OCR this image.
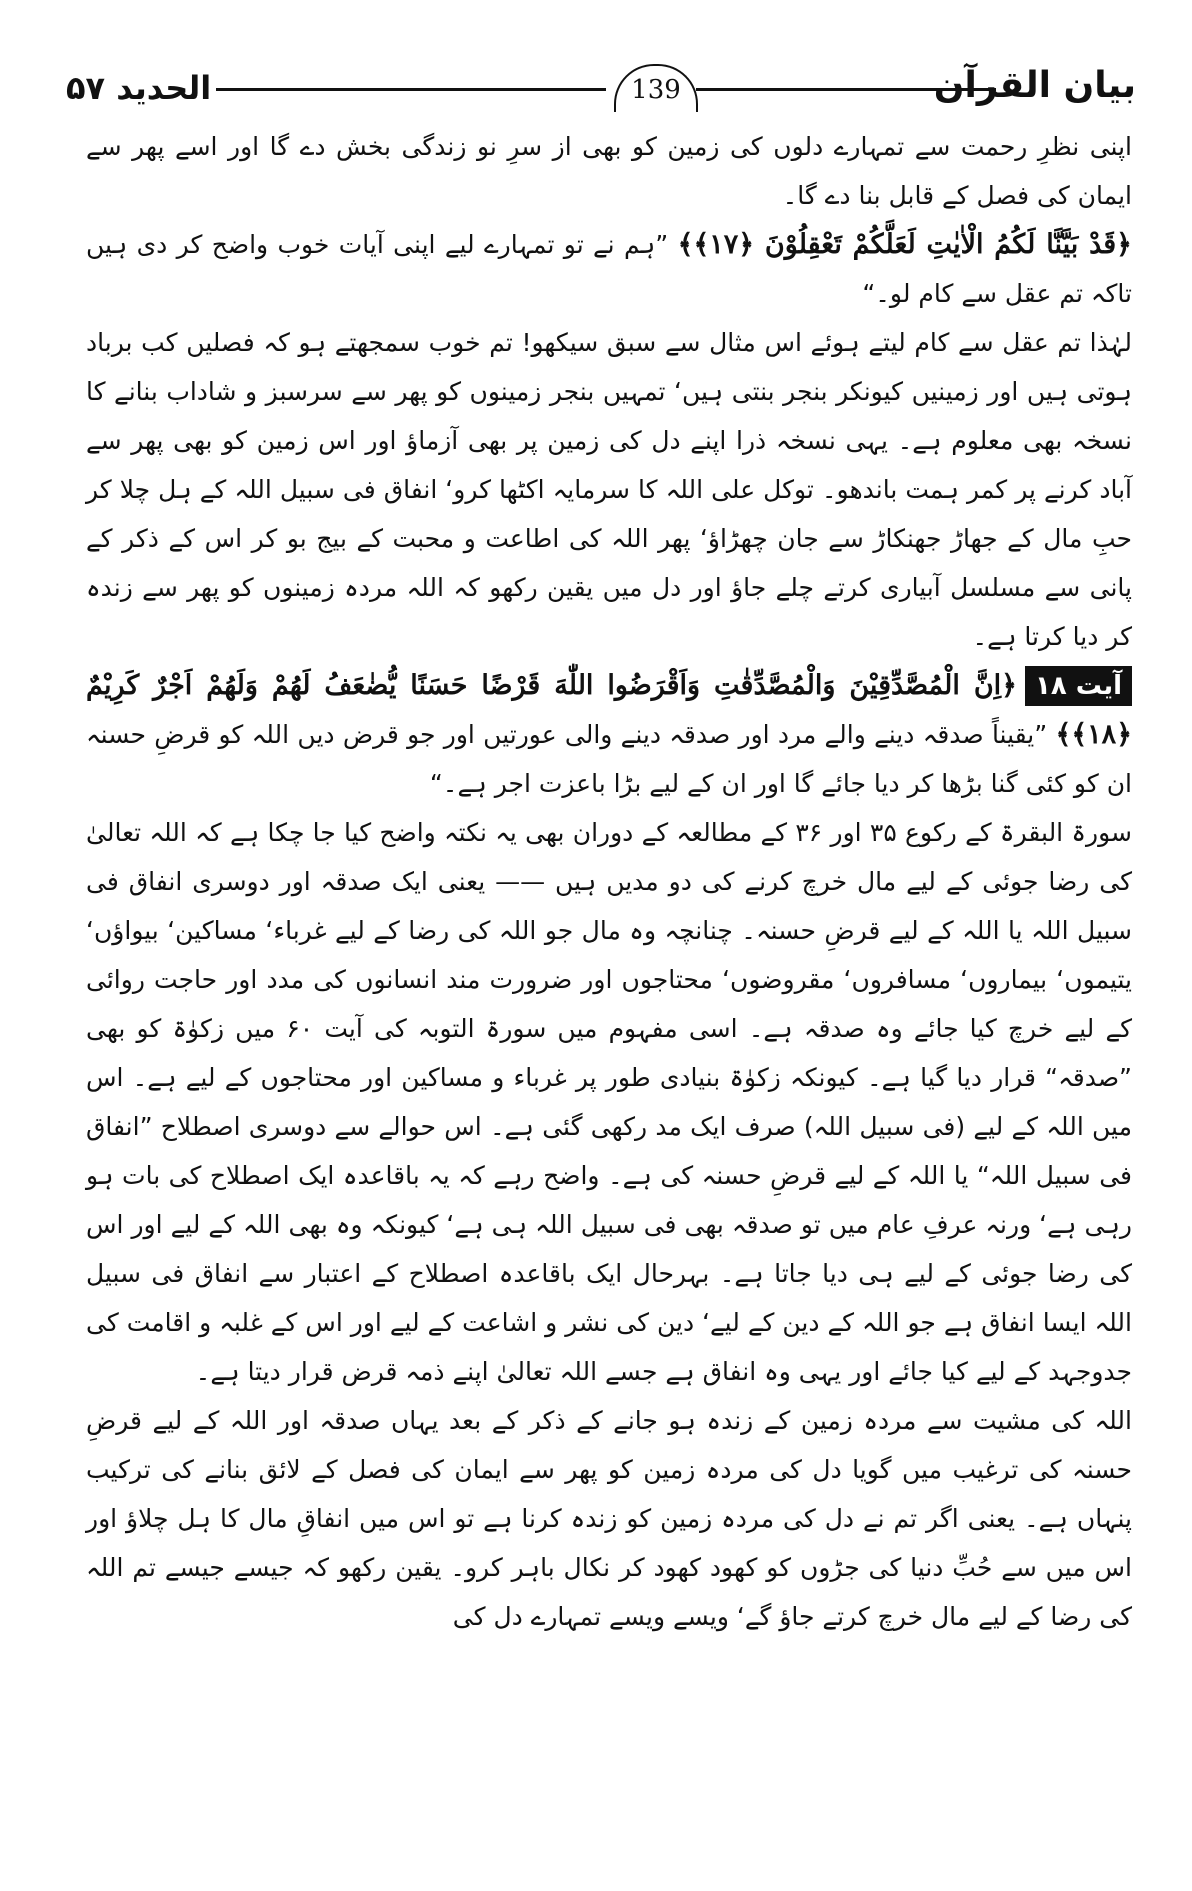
الحدید ۵۷	139	بیان القرآن

اپنی نظرِ رحمت سے تمہارے دلوں کی زمین کو بھی از سرِ نو زندگی بخش دے گا اور اسے پھر سے ایمان کی فصل کے قابل بنا دے گا۔

﴿قَدْ بَيَّنَّا لَكُمُ الْاٰيٰتِ لَعَلَّكُمْ تَعْقِلُوْنَ ﴿۱۷﴾﴾ ”ہم نے تو تمہارے لیے اپنی آیات خوب واضح کر دی ہیں تاکہ تم عقل سے کام لو۔“

لہٰذا تم عقل سے کام لیتے ہوئے اس مثال سے سبق سیکھو! تم خوب سمجھتے ہو کہ فصلیں کب برباد ہوتی ہیں اور زمینیں کیونکر بنجر بنتی ہیں‘ تمہیں بنجر زمینوں کو پھر سے سرسبز و شاداب بنانے کا نسخہ بھی معلوم ہے۔ یہی نسخہ ذرا اپنے دل کی زمین پر بھی آزماؤ اور اس زمین کو بھی پھر سے آباد کرنے پر کمر ہمت باندھو۔ توکل علی اللہ کا سرمایہ اکٹھا کرو‘ انفاق فی سبیل اللہ کے ہل چلا کر حبِ مال کے جھاڑ جھنکاڑ سے جان چھڑاؤ‘ پھر اللہ کی اطاعت و محبت کے بیج بو کر اس کے ذکر کے پانی سے مسلسل آبیاری کرتے چلے جاؤ اور دل میں یقین رکھو کہ اللہ مردہ زمینوں کو پھر سے زندہ کر دیا کرتا ہے۔

آیت ۱۸﴿اِنَّ الْمُصَّدِّقِيْنَ وَالْمُصَّدِّقٰتِ وَاَقْرَضُوا اللّٰهَ قَرْضًا حَسَنًا يُّضٰعَفُ لَهُمْ وَلَهُمْ اَجْرٌ كَرِيْمٌ ﴿۱۸﴾﴾ ”یقیناً صدقہ دینے والے مرد اور صدقہ دینے والی عورتیں اور جو قرض دیں اللہ کو قرضِ حسنہ ان کو کئی گنا بڑھا کر دیا جائے گا اور ان کے لیے بڑا باعزت اجر ہے۔“

سورۃ البقرۃ کے رکوع ۳۵ اور ۳۶ کے مطالعہ کے دوران بھی یہ نکتہ واضح کیا جا چکا ہے کہ اللہ تعالیٰ کی رضا جوئی کے لیے مال خرچ کرنے کی دو مدیں ہیں —— یعنی ایک صدقہ اور دوسری انفاق فی سبیل اللہ یا اللہ کے لیے قرضِ حسنہ۔ چنانچہ وہ مال جو اللہ کی رضا کے لیے غرباء‘ مساکین‘ بیواؤں‘ یتیموں‘ بیماروں‘ مسافروں‘ مقروضوں‘ محتاجوں اور ضرورت مند انسانوں کی مدد اور حاجت روائی کے لیے خرچ کیا جائے وہ صدقہ ہے۔ اسی مفہوم میں سورۃ التوبہ کی آیت ۶۰ میں زکوٰۃ کو بھی ”صدقہ“ قرار دیا گیا ہے۔ کیونکہ زکوٰۃ بنیادی طور پر غرباء و مساکین اور محتاجوں کے لیے ہے۔ اس میں اللہ کے لیے (فی سبیل اللہ) صرف ایک مد رکھی گئی ہے۔ اس حوالے سے دوسری اصطلاح ”انفاق فی سبیل اللہ“ یا اللہ کے لیے قرضِ حسنہ کی ہے۔ واضح رہے کہ یہ باقاعدہ ایک اصطلاح کی بات ہو رہی ہے‘ ورنہ عرفِ عام میں تو صدقہ بھی فی سبیل اللہ ہی ہے‘ کیونکہ وہ بھی اللہ کے لیے اور اس کی رضا جوئی کے لیے ہی دیا جاتا ہے۔ بہرحال ایک باقاعدہ اصطلاح کے اعتبار سے انفاق فی سبیل اللہ ایسا انفاق ہے جو اللہ کے دین کے لیے‘ دین کی نشر و اشاعت کے لیے اور اس کے غلبہ و اقامت کی جدوجہد کے لیے کیا جائے اور یہی وہ انفاق ہے جسے اللہ تعالیٰ اپنے ذمہ قرض قرار دیتا ہے۔

اللہ کی مشیت سے مردہ زمین کے زندہ ہو جانے کے ذکر کے بعد یہاں صدقہ اور اللہ کے لیے قرضِ حسنہ کی ترغیب میں گویا دل کی مردہ زمین کو پھر سے ایمان کی فصل کے لائق بنانے کی ترکیب پنہاں ہے۔ یعنی اگر تم نے دل کی مردہ زمین کو زندہ کرنا ہے تو اس میں انفاقِ مال کا ہل چلاؤ اور اس میں سے حُبِّ دنیا کی جڑوں کو کھود کھود کر نکال باہر کرو۔ یقین رکھو کہ جیسے جیسے تم اللہ کی رضا کے لیے مال خرچ کرتے جاؤ گے‘ ویسے ویسے تمہارے دل کی
